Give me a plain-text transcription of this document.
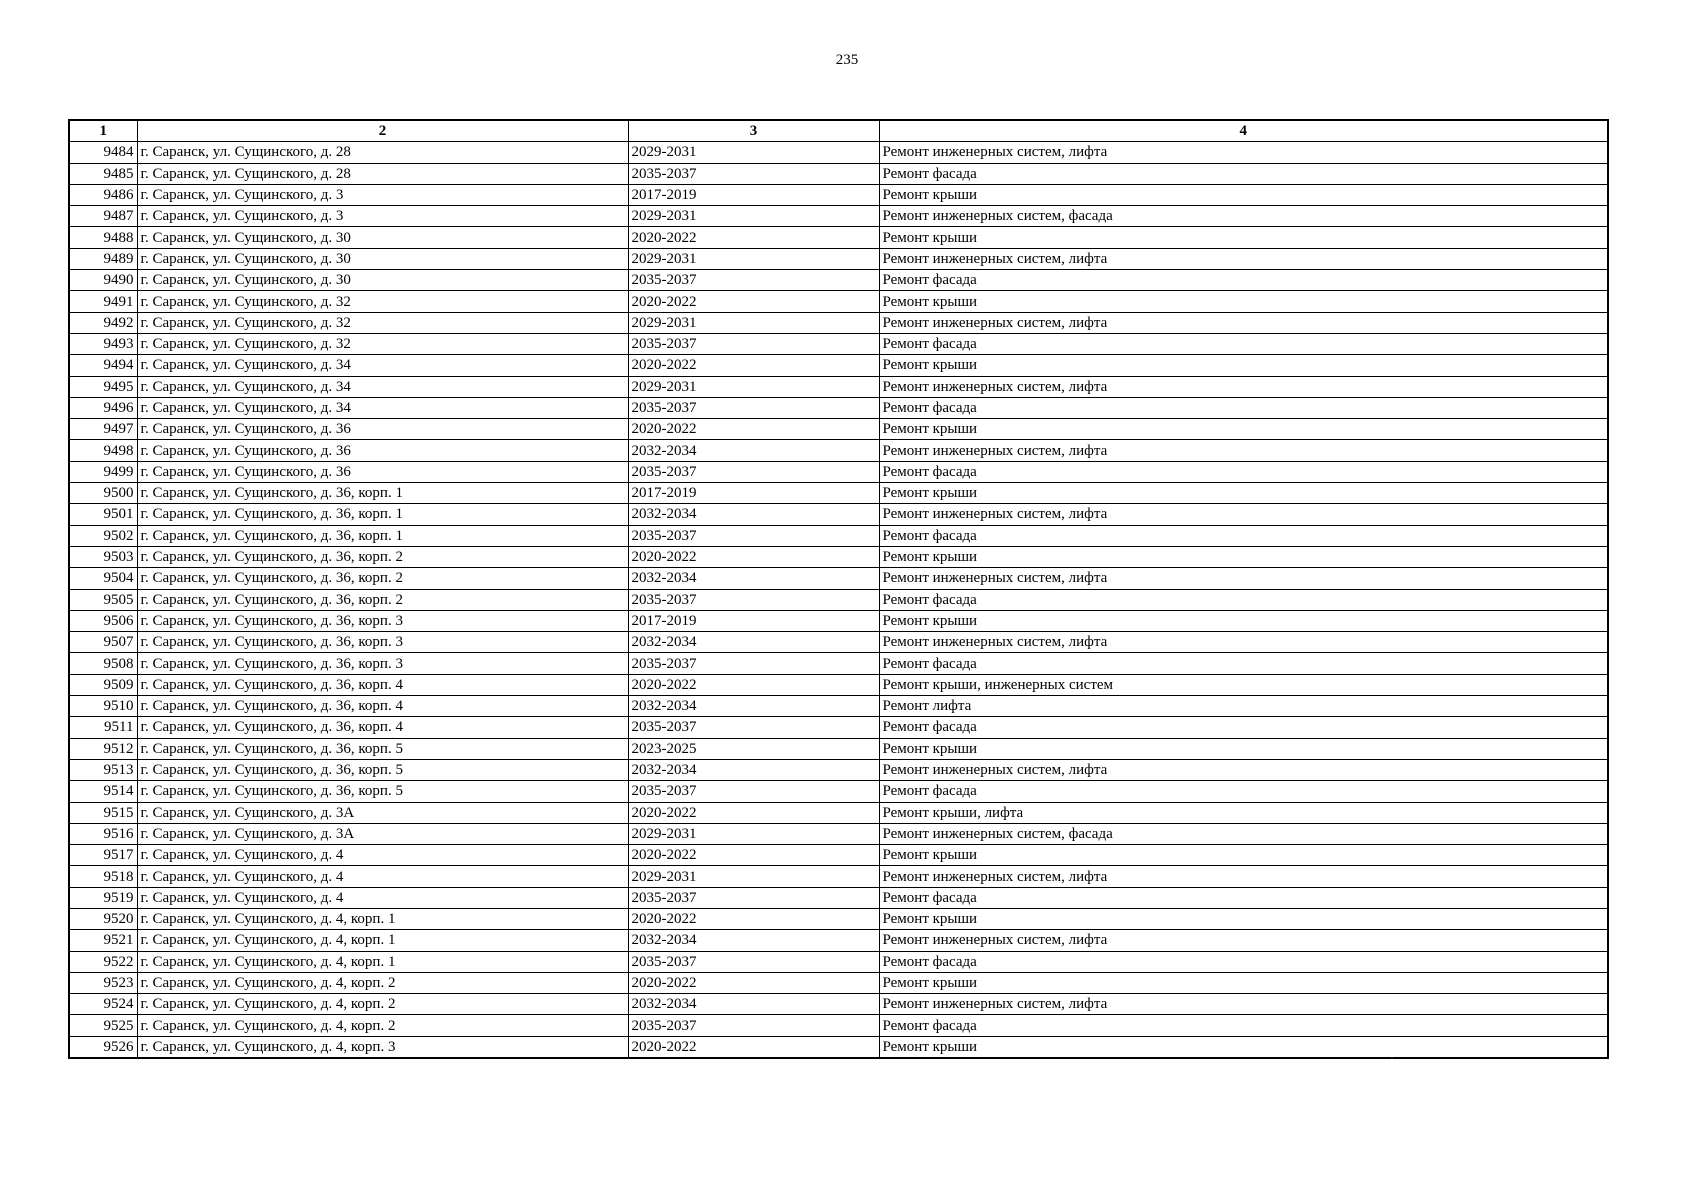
235
1	2	3	4
9484	г. Саранск, ул. Сущинского, д. 28	2029-2031	Ремонт инженерных систем, лифта
9485	г. Саранск, ул. Сущинского, д. 28	2035-2037	Ремонт фасада
9486	г. Саранск, ул. Сущинского, д. 3	2017-2019	Ремонт крыши
9487	г. Саранск, ул. Сущинского, д. 3	2029-2031	Ремонт инженерных систем, фасада
9488	г. Саранск, ул. Сущинского, д. 30	2020-2022	Ремонт крыши
9489	г. Саранск, ул. Сущинского, д. 30	2029-2031	Ремонт инженерных систем, лифта
9490	г. Саранск, ул. Сущинского, д. 30	2035-2037	Ремонт фасада
9491	г. Саранск, ул. Сущинского, д. 32	2020-2022	Ремонт крыши
9492	г. Саранск, ул. Сущинского, д. 32	2029-2031	Ремонт инженерных систем, лифта
9493	г. Саранск, ул. Сущинского, д. 32	2035-2037	Ремонт фасада
9494	г. Саранск, ул. Сущинского, д. 34	2020-2022	Ремонт крыши
9495	г. Саранск, ул. Сущинского, д. 34	2029-2031	Ремонт инженерных систем, лифта
9496	г. Саранск, ул. Сущинского, д. 34	2035-2037	Ремонт фасада
9497	г. Саранск, ул. Сущинского, д. 36	2020-2022	Ремонт крыши
9498	г. Саранск, ул. Сущинского, д. 36	2032-2034	Ремонт инженерных систем, лифта
9499	г. Саранск, ул. Сущинского, д. 36	2035-2037	Ремонт фасада
9500	г. Саранск, ул. Сущинского, д. 36, корп. 1	2017-2019	Ремонт крыши
9501	г. Саранск, ул. Сущинского, д. 36, корп. 1	2032-2034	Ремонт инженерных систем, лифта
9502	г. Саранск, ул. Сущинского, д. 36, корп. 1	2035-2037	Ремонт фасада
9503	г. Саранск, ул. Сущинского, д. 36, корп. 2	2020-2022	Ремонт крыши
9504	г. Саранск, ул. Сущинского, д. 36, корп. 2	2032-2034	Ремонт инженерных систем, лифта
9505	г. Саранск, ул. Сущинского, д. 36, корп. 2	2035-2037	Ремонт фасада
9506	г. Саранск, ул. Сущинского, д. 36, корп. 3	2017-2019	Ремонт крыши
9507	г. Саранск, ул. Сущинского, д. 36, корп. 3	2032-2034	Ремонт инженерных систем, лифта
9508	г. Саранск, ул. Сущинского, д. 36, корп. 3	2035-2037	Ремонт фасада
9509	г. Саранск, ул. Сущинского, д. 36, корп. 4	2020-2022	Ремонт крыши, инженерных систем
9510	г. Саранск, ул. Сущинского, д. 36, корп. 4	2032-2034	Ремонт лифта
9511	г. Саранск, ул. Сущинского, д. 36, корп. 4	2035-2037	Ремонт фасада
9512	г. Саранск, ул. Сущинского, д. 36, корп. 5	2023-2025	Ремонт крыши
9513	г. Саранск, ул. Сущинского, д. 36, корп. 5	2032-2034	Ремонт инженерных систем, лифта
9514	г. Саранск, ул. Сущинского, д. 36, корп. 5	2035-2037	Ремонт фасада
9515	г. Саранск, ул. Сущинского, д. 3А	2020-2022	Ремонт крыши, лифта
9516	г. Саранск, ул. Сущинского, д. 3А	2029-2031	Ремонт инженерных систем, фасада
9517	г. Саранск, ул. Сущинского, д. 4	2020-2022	Ремонт крыши
9518	г. Саранск, ул. Сущинского, д. 4	2029-2031	Ремонт инженерных систем, лифта
9519	г. Саранск, ул. Сущинского, д. 4	2035-2037	Ремонт фасада
9520	г. Саранск, ул. Сущинского, д. 4, корп. 1	2020-2022	Ремонт крыши
9521	г. Саранск, ул. Сущинского, д. 4, корп. 1	2032-2034	Ремонт инженерных систем, лифта
9522	г. Саранск, ул. Сущинского, д. 4, корп. 1	2035-2037	Ремонт фасада
9523	г. Саранск, ул. Сущинского, д. 4, корп. 2	2020-2022	Ремонт крыши
9524	г. Саранск, ул. Сущинского, д. 4, корп. 2	2032-2034	Ремонт инженерных систем, лифта
9525	г. Саранск, ул. Сущинского, д. 4, корп. 2	2035-2037	Ремонт фасада
9526	г. Саранск, ул. Сущинского, д. 4, корп. 3	2020-2022	Ремонт крыши
